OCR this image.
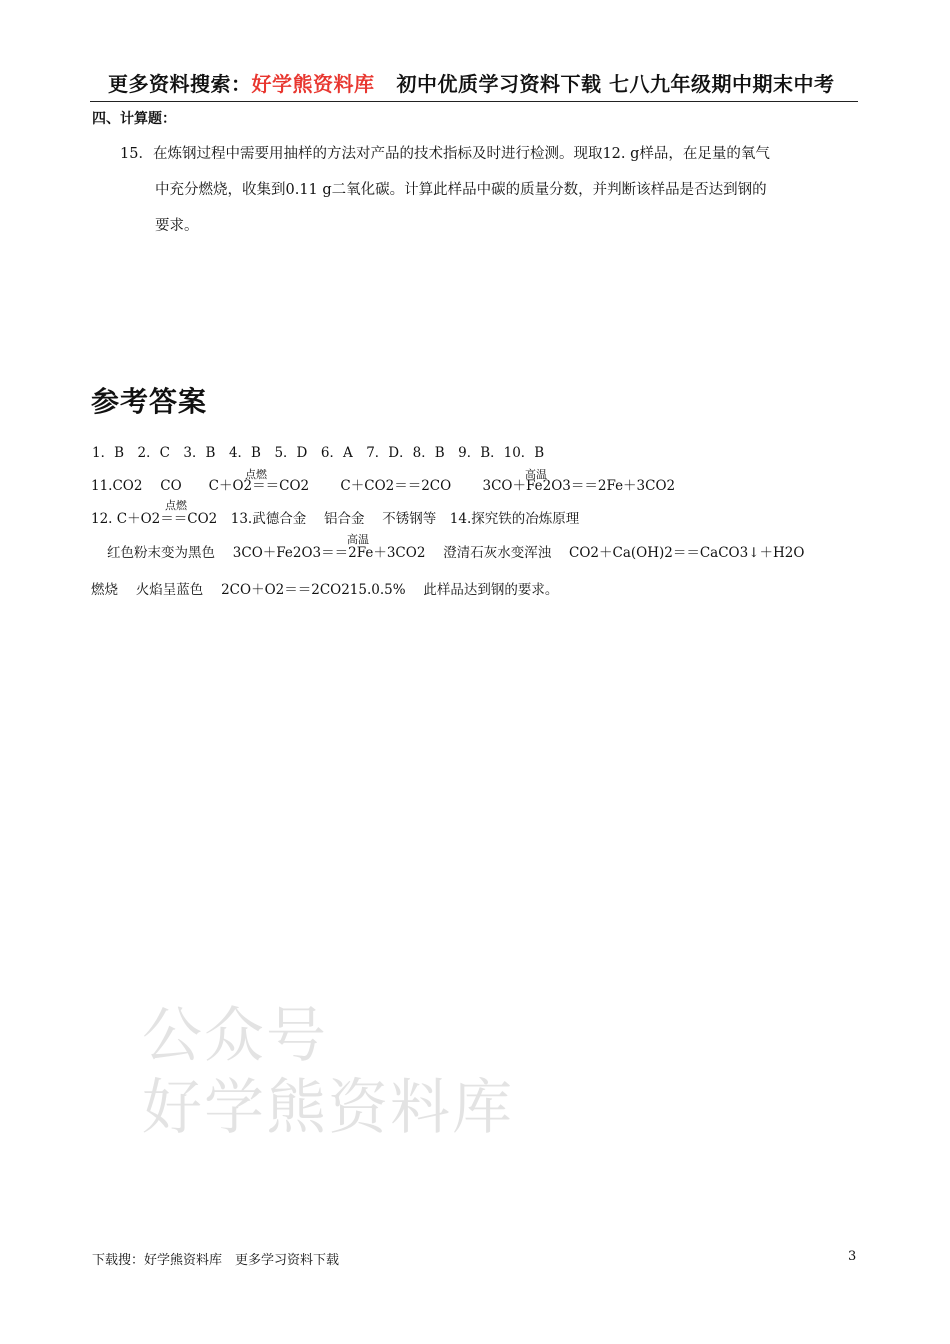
更多资料搜索：好学熊资料库 初中优质学习资料下载 七八九年级期中期末中考
四、计算题：
15．在炼钢过程中需要用抽样的方法对产品的技术指标及时进行检测。现取12. g样品，在足量的氧气
中充分燃烧，收集到0.11 g二氧化碳。计算此样品中碳的质量分数，并判断该样品是否达到钢的
要求。
参考答案
1．B　2．C　3．B　4．B　5．D　6．A　7．D．8．B　9．B．10．B
点燃	高温
11.CO2　 CO　　C＋O2＝＝CO2　　 C＋CO2＝＝2CO　　 3CO＋Fe2O3＝＝2Fe＋3CO2
点燃
12. C＋O2＝＝CO2　13.武德合金　 铝合金　 不锈钢等　14.探究铁的冶炼原理
高温
红色粉末变为黑色　 3CO＋Fe2O3＝＝2Fe＋3CO2　 澄清石灰水变浑浊　 CO2＋Ca(OH)2＝＝CaCO3↓＋H2O
燃烧　 火焰呈蓝色　 2CO＋O2＝＝2CO215.0.5%　 此样品达到钢的要求。
公众号
好学熊资料库
下载搜：好学熊资料库　更多学习资料下载	3
